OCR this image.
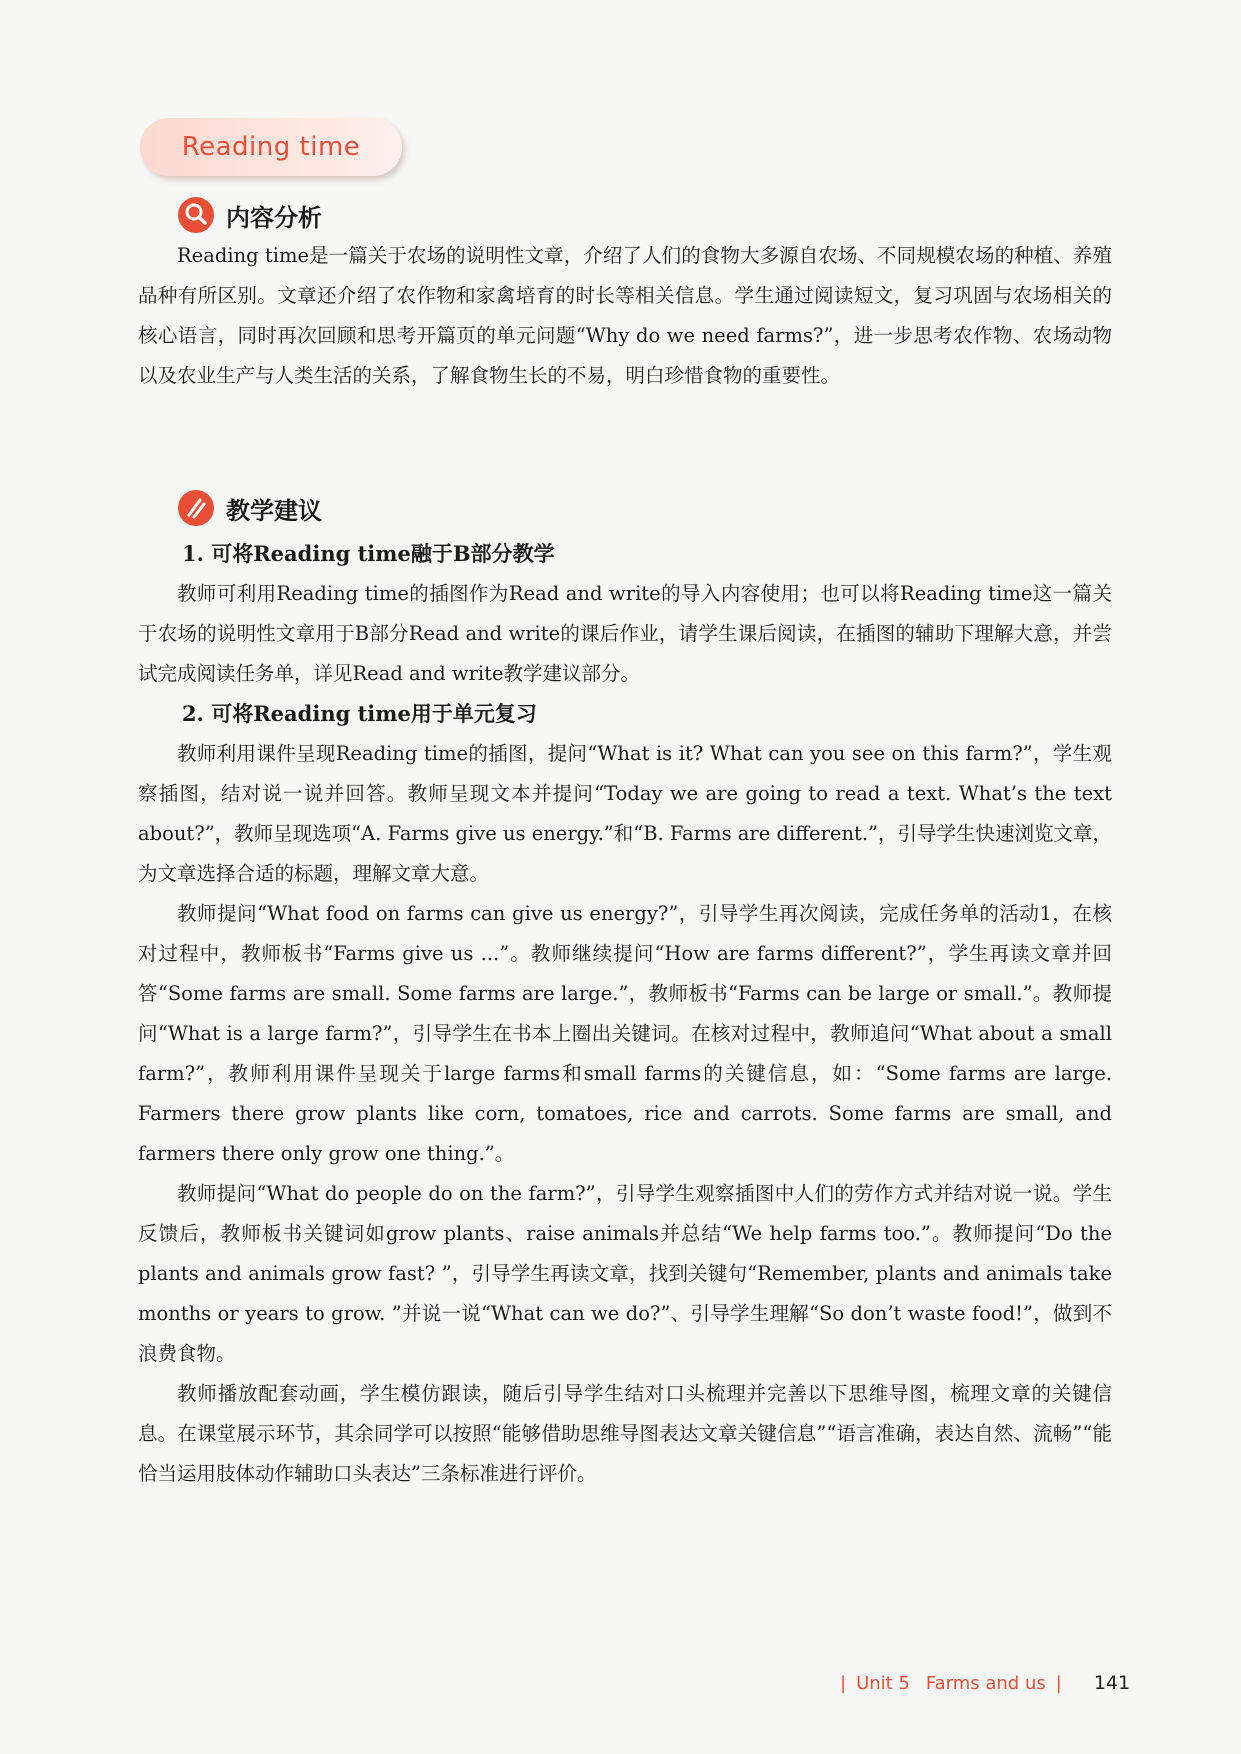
Reading time
内容分析

Reading time是一篇关于农场的说明性文章，介绍了人们的食物大多源自农场、不同规模农场的种植、养殖品种有所区别。文章还介绍了农作物和家禽培育的时长等相关信息。学生通过阅读短文，复习巩固与农场相关的核心语言，同时再次回顾和思考开篇页的单元问题“Why do we need farms?”，进一步思考农作物、农场动物以及农业生产与人类生活的关系，了解食物生长的不易，明白珍惜食物的重要性。

教学建议
1. 可将Reading time融于B部分教学

教师可利用Reading time的插图作为Read and write的导入内容使用；也可以将Reading time这一篇关于农场的说明性文章用于B部分Read and write的课后作业，请学生课后阅读，在插图的辅助下理解大意，并尝试完成阅读任务单，详见Read and write教学建议部分。

2. 可将Reading time用于单元复习

教师利用课件呈现Reading time的插图，提问“What is it? What can you see on this farm?”，学生观察插图，结对说一说并回答。教师呈现文本并提问“Today we are going to read a text. What’s the text about?”，教师呈现选项“A. Farms give us energy.”和“B. Farms are different.”，引导学生快速浏览文章，为文章选择合适的标题，理解文章大意。

教师提问“What food on farms can give us energy?”，引导学生再次阅读，完成任务单的活动1，在核对过程中，教师板书“Farms give us ...”。教师继续提问“How are farms different?”，学生再读文章并回答“Some farms are small. Some farms are large.”，教师板书“Farms can be large or small.”。教师提问“What is a large farm?”，引导学生在书本上圈出关键词。在核对过程中，教师追问“What about a small farm?”，教师利用课件呈现关于large farms和small farms的关键信息，如：“Some farms are large. Farmers there grow plants like corn, tomatoes, rice and carrots. Some farms are small, and farmers there only grow one thing.”。

教师提问“What do people do on the farm?”，引导学生观察插图中人们的劳作方式并结对说一说。学生反馈后，教师板书关键词如grow plants、raise animals并总结“We help farms too.”。教师提问“Do the plants and animals grow fast? ”，引导学生再读文章，找到关键句“Remember, plants and animals take months or years to grow. ”并说一说“What can we do?”、引导学生理解“So don’t waste food!”，做到不浪费食物。

教师播放配套动画，学生模仿跟读，随后引导学生结对口头梳理并完善以下思维导图，梳理文章的关键信息。在课堂展示环节，其余同学可以按照“能够借助思维导图表达文章关键信息”“语言准确，表达自然、流畅”“能恰当运用肢体动作辅助口头表达”三条标准进行评价。

| Unit 5 Farms and us | 141
